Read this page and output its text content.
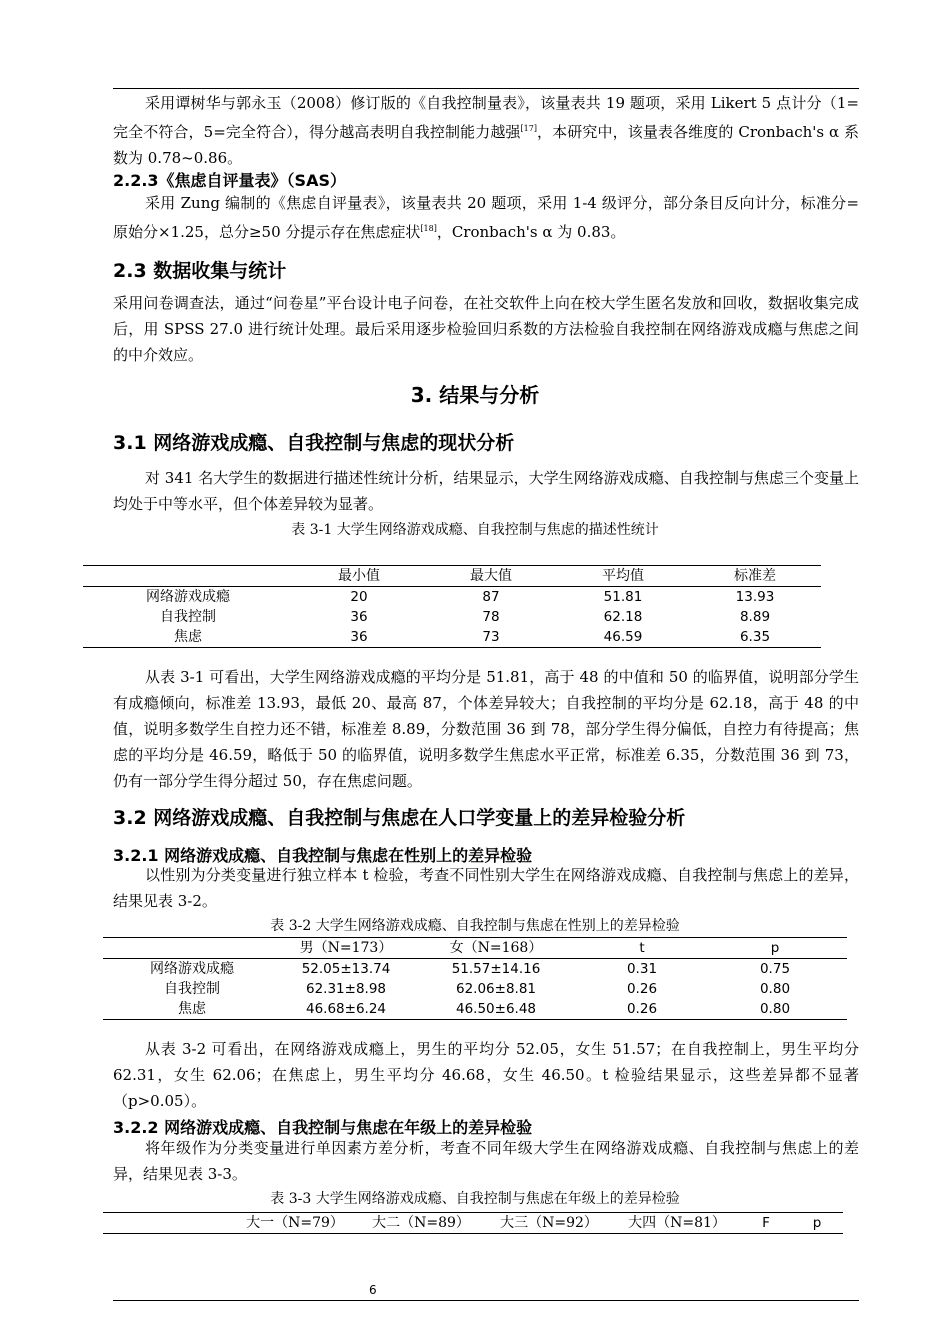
采用谭树华与郭永玉（2008）修订版的《自我控制量表》，该量表共 19 题项，采用 Likert 5 点计分（1=完全不符合，5=完全符合），得分越高表明自我控制能力越强[17]，本研究中，该量表各维度的 Cronbach's α 系数为 0.78~0.86。

2.2.3《焦虑自评量表》（SAS）

采用 Zung 编制的《焦虑自评量表》，该量表共 20 题项，采用 1-4 级评分，部分条目反向计分，标准分=原始分×1.25，总分≥50 分提示存在焦虑症状[18]，Cronbach's α 为 0.83。

2.3 数据收集与统计

采用问卷调查法，通过“问卷星”平台设计电子问卷，在社交软件上向在校大学生匿名发放和回收，数据收集完成后，用 SPSS 27.0 进行统计处理。最后采用逐步检验回归系数的方法检验自我控制在网络游戏成瘾与焦虑之间的中介效应。

3. 结果与分析
3.1 网络游戏成瘾、自我控制与焦虑的现状分析

对 341 名大学生的数据进行描述性统计分析，结果显示，大学生网络游戏成瘾、自我控制与焦虑三个变量上均处于中等水平，但个体差异较为显著。

表 3-1 大学生网络游戏成瘾、自我控制与焦虑的描述性统计

	最小值	最大值	平均值	标准差
网络游戏成瘾	20	87	51.81	13.93
自我控制	36	78	62.18	8.89
焦虑	36	73	46.59	6.35

从表 3-1 可看出，大学生网络游戏成瘾的平均分是 51.81，高于 48 的中值和 50 的临界值，说明部分学生有成瘾倾向，标准差 13.93，最低 20、最高 87，个体差异较大；自我控制的平均分是 62.18，高于 48 的中值，说明多数学生自控力还不错，标准差 8.89，分数范围 36 到 78，部分学生得分偏低，自控力有待提高；焦虑的平均分是 46.59，略低于 50 的临界值，说明多数学生焦虑水平正常，标准差 6.35，分数范围 36 到 73，仍有一部分学生得分超过 50，存在焦虑问题。

3.2 网络游戏成瘾、自我控制与焦虑在人口学变量上的差异检验分析
3.2.1 网络游戏成瘾、自我控制与焦虑在性别上的差异检验

以性别为分类变量进行独立样本 t 检验，考查不同性别大学生在网络游戏成瘾、自我控制与焦虑上的差异，结果见表 3-2。

表 3-2 大学生网络游戏成瘾、自我控制与焦虑在性别上的差异检验

	男（N=173）	女（N=168）	t	p
网络游戏成瘾	52.05±13.74	51.57±14.16	0.31	0.75
自我控制	62.31±8.98	62.06±8.81	0.26	0.80
焦虑	46.68±6.24	46.50±6.48	0.26	0.80

从表 3-2 可看出，在网络游戏成瘾上，男生的平均分 52.05，女生 51.57；在自我控制上，男生平均分 62.31，女生 62.06；在焦虑上，男生平均分 46.68，女生 46.50。t 检验结果显示，这些差异都不显著（p>0.05）。

3.2.2 网络游戏成瘾、自我控制与焦虑在年级上的差异检验

将年级作为分类变量进行单因素方差分析，考查不同年级大学生在网络游戏成瘾、自我控制与焦虑上的差异，结果见表 3-3。

表 3-3 大学生网络游戏成瘾、自我控制与焦虑在年级上的差异检验

	大一（N=79）	大二（N=89）	大三（N=92）	大四（N=81）	F	p
6
